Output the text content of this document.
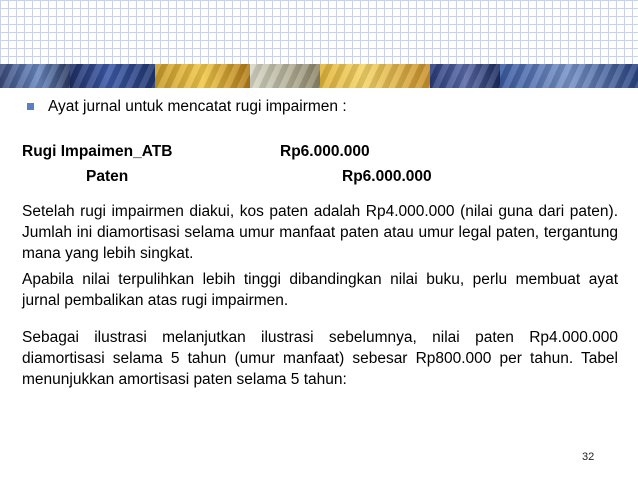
Ayat jurnal untuk mencatat rugi impairmen :
Rugi Impaimen_ATB	Rp6.000.000
Paten	Rp6.000.000

Setelah rugi impairmen diakui, kos paten adalah Rp4.000.000 (nilai guna dari paten). Jumlah ini diamortisasi selama umur manfaat paten atau umur legal paten, tergantung mana yang lebih singkat.

Apabila nilai terpulihkan lebih tinggi dibandingkan nilai buku, perlu membuat ayat jurnal pembalikan atas rugi impairmen.

Sebagai ilustrasi melanjutkan ilustrasi sebelumnya, nilai paten Rp4.000.000 diamortisasi selama 5 tahun (umur manfaat) sebesar Rp800.000 per tahun. Tabel menunjukkan amortisasi paten selama 5 tahun:

32
